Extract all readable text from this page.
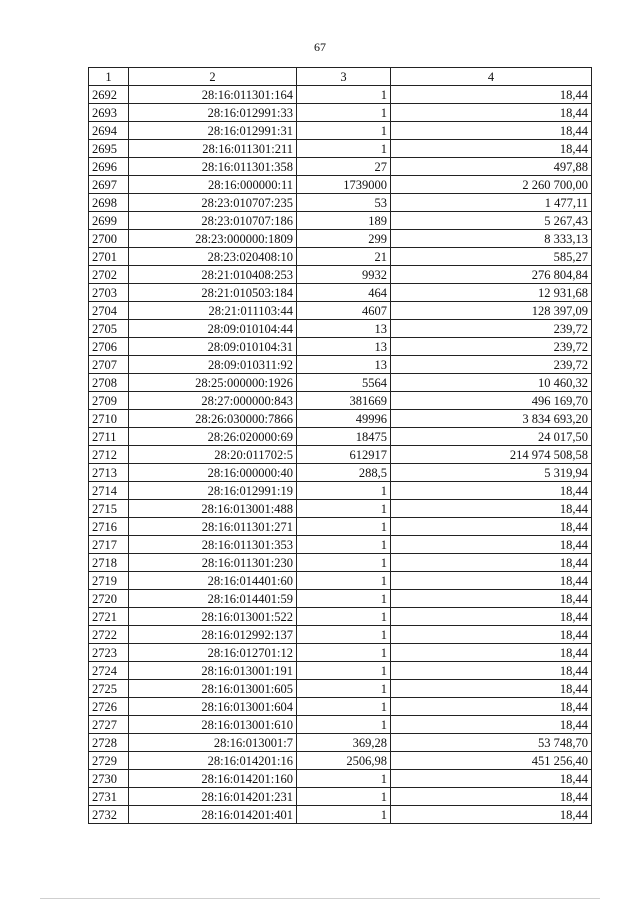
67
1	2	3	4
2692	28:16:011301:164	1	18,44
2693	28:16:012991:33	1	18,44
2694	28:16:012991:31	1	18,44
2695	28:16:011301:211	1	18,44
2696	28:16:011301:358	27	497,88
2697	28:16:000000:11	1739000	2 260 700,00
2698	28:23:010707:235	53	1 477,11
2699	28:23:010707:186	189	5 267,43
2700	28:23:000000:1809	299	8 333,13
2701	28:23:020408:10	21	585,27
2702	28:21:010408:253	9932	276 804,84
2703	28:21:010503:184	464	12 931,68
2704	28:21:011103:44	4607	128 397,09
2705	28:09:010104:44	13	239,72
2706	28:09:010104:31	13	239,72
2707	28:09:010311:92	13	239,72
2708	28:25:000000:1926	5564	10 460,32
2709	28:27:000000:843	381669	496 169,70
2710	28:26:030000:7866	49996	3 834 693,20
2711	28:26:020000:69	18475	24 017,50
2712	28:20:011702:5	612917	214 974 508,58
2713	28:16:000000:40	288,5	5 319,94
2714	28:16:012991:19	1	18,44
2715	28:16:013001:488	1	18,44
2716	28:16:011301:271	1	18,44
2717	28:16:011301:353	1	18,44
2718	28:16:011301:230	1	18,44
2719	28:16:014401:60	1	18,44
2720	28:16:014401:59	1	18,44
2721	28:16:013001:522	1	18,44
2722	28:16:012992:137	1	18,44
2723	28:16:012701:12	1	18,44
2724	28:16:013001:191	1	18,44
2725	28:16:013001:605	1	18,44
2726	28:16:013001:604	1	18,44
2727	28:16:013001:610	1	18,44
2728	28:16:013001:7	369,28	53 748,70
2729	28:16:014201:16	2506,98	451 256,40
2730	28:16:014201:160	1	18,44
2731	28:16:014201:231	1	18,44
2732	28:16:014201:401	1	18,44
